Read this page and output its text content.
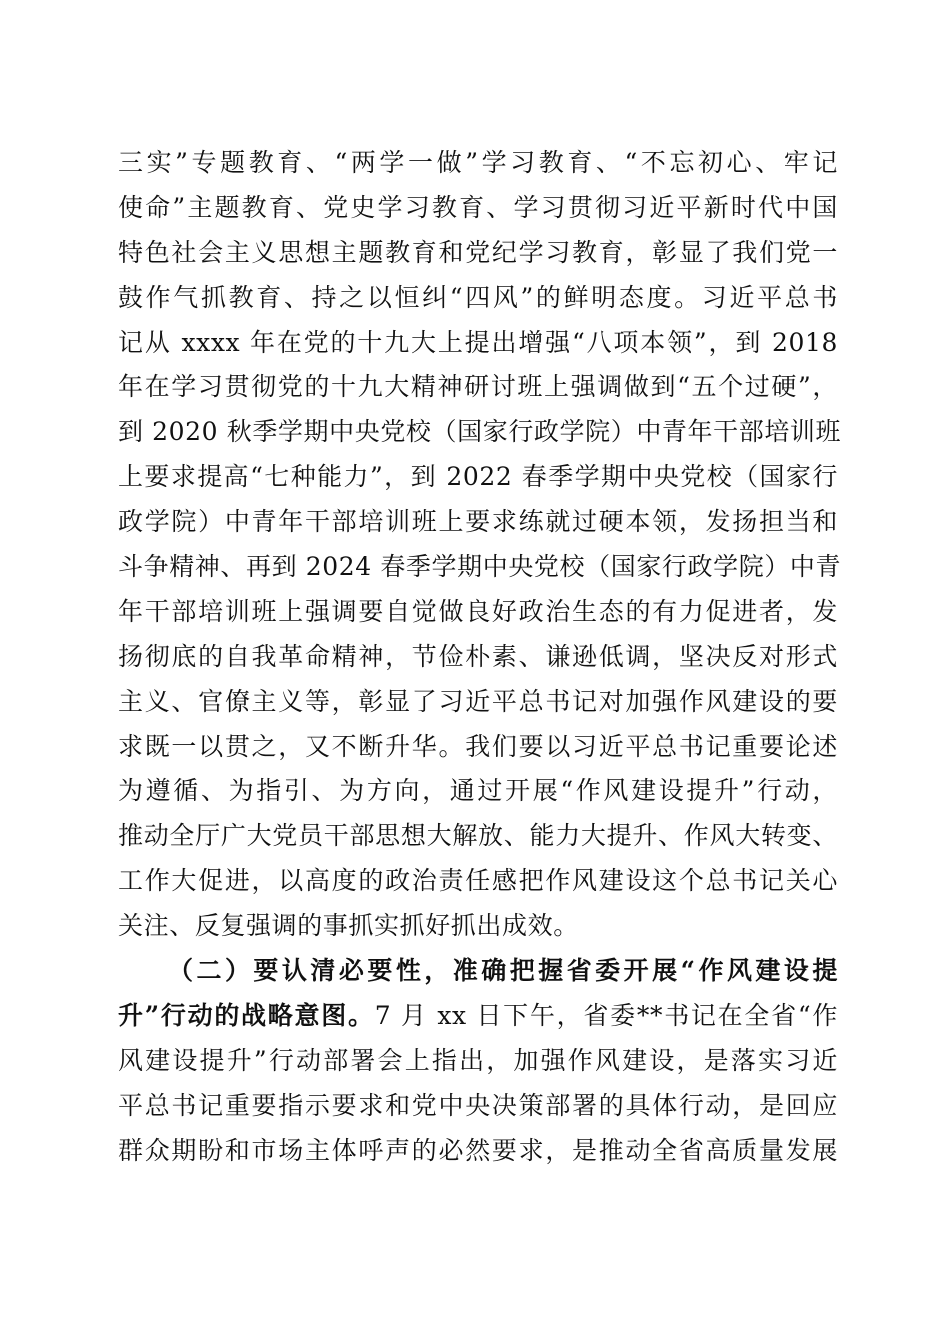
三实”专题教育、“两学一做”学习教育、“不忘初心、牢记
使命”主题教育、党史学习教育、学习贯彻习近平新时代中国
特色社会主义思想主题教育和党纪学习教育，彰显了我们党一
鼓作气抓教育、持之以恒纠“四风”的鲜明态度。习近平总书
记从 xxxx 年在党的十九大上提出增强“八项本领”，到 2018
年在学习贯彻党的十九大精神研讨班上强调做到“五个过硬”，
到 2020 秋季学期中央党校（国家行政学院）中青年干部培训班
上要求提高“七种能力”，到 2022 春季学期中央党校（国家行
政学院）中青年干部培训班上要求练就过硬本领，发扬担当和
斗争精神、再到 2024 春季学期中央党校（国家行政学院）中青
年干部培训班上强调要自觉做良好政治生态的有力促进者，发
扬彻底的自我革命精神，节俭朴素、谦逊低调，坚决反对形式
主义、官僚主义等，彰显了习近平总书记对加强作风建设的要
求既一以贯之，又不断升华。我们要以习近平总书记重要论述
为遵循、为指引、为方向，通过开展“作风建设提升”行动，
推动全厅广大党员干部思想大解放、能力大提升、作风大转变、
工作大促进，以高度的政治责任感把作风建设这个总书记关心
关注、反复强调的事抓实抓好抓出成效。
（二）要认清必要性，准确把握省委开展“作风建设提
升”行动的战略意图。7 月 xx 日下午，省委**书记在全省“作
风建设提升”行动部署会上指出，加强作风建设，是落实习近
平总书记重要指示要求和党中央决策部署的具体行动，是回应
群众期盼和市场主体呼声的必然要求，是推动全省高质量发展
